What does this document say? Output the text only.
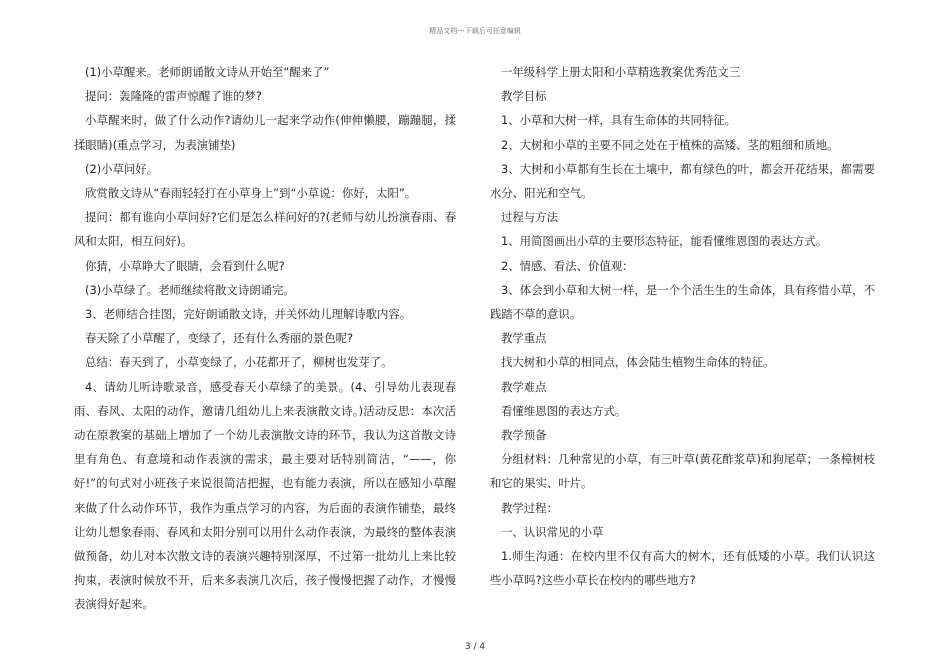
精品文档---下载后可任意编辑

(1)小草醒来。老师朗诵散文诗从开始至“醒来了”

提问：轰隆隆的雷声惊醒了谁的梦?

小草醒来时，做了什么动作?请幼儿一起来学动作(伸伸懒腰，蹦蹦腿，揉揉眼睛)(重点学习，为表演铺垫)

(2)小草问好。

欣赏散文诗从“春雨轻轻打在小草身上”到“小草说：你好，太阳”。

提问：都有谁向小草问好?它们是怎么样问好的?(老师与幼儿扮演春雨、春风和太阳，相互问好)。

你猜，小草睁大了眼睛，会看到什么呢?

(3)小草绿了。老师继续将散文诗朗诵完。

3、老师结合挂图，完好朗诵散文诗，并关怀幼儿理解诗歌内容。

春天除了小草醒了，变绿了，还有什么秀丽的景色呢?

总结：春天到了，小草变绿了，小花都开了，柳树也发芽了。

4、请幼儿听诗歌录音，感受春天小草绿了的美景。(4、引导幼儿表现春雨、春风、太阳的动作，邀请几组幼儿上来表演散文诗。)活动反思：本次活动在原教案的基础上增加了一个幼儿表演散文诗的环节，我认为这首散文诗里有角色、有意境和动作表演的需求，最主要对话特别简洁，“——，你好!”的句式对小班孩子来说很简洁把握，也有能力表演，所以在感知小草醒来做了什么动作环节，我作为重点学习的内容，为后面的表演作铺垫，最终让幼儿想象春雨、春风和太阳分别可以用什么动作表演，为最终的整体表演做预备，幼儿对本次散文诗的表演兴趣特别深厚，不过第一批幼儿上来比较拘束，表演时候放不开，后来多表演几次后，孩子慢慢把握了动作，才慢慢表演得好起来。

一年级科学上册太阳和小草精选教案优秀范文三

教学目标

1、小草和大树一样，具有生命体的共同特征。

2、大树和小草的主要不同之处在于植株的高矮、茎的粗细和质地。

3、大树和小草都有生长在土壤中，都有绿色的叶，都会开花结果，都需要水分、阳光和空气。

过程与方法

1、用简图画出小草的主要形态特征，能看懂维恩图的表达方式。

2、情感、看法、价值观：

3、体会到小草和大树一样，是一个个活生生的生命体，具有疼惜小草，不践踏不草的意识。

教学重点

找大树和小草的相同点，体会陆生植物生命体的特征。

教学难点

看懂维恩图的表达方式。

教学预备

分组材料：几种常见的小草，有三叶草(黄花酢浆草)和狗尾草；一条樟树枝和它的果实、叶片。

教学过程：

一、认识常见的小草

1.师生沟通：在校内里不仅有高大的树木，还有低矮的小草。我们认识这些小草吗?这些小草长在校内的哪些地方?

3 / 4
